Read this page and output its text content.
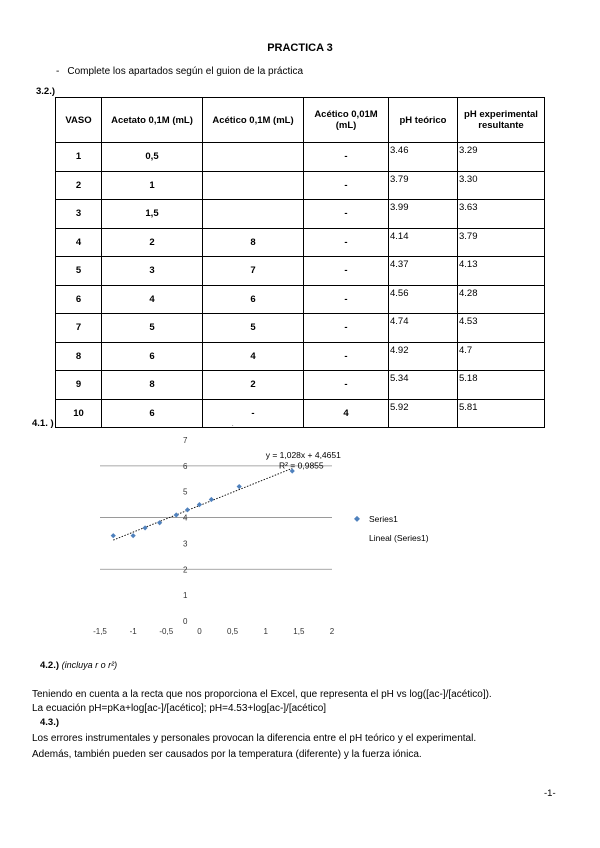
PRACTICA 3
- Complete los apartados según el guion de la práctica
3.2.)
VASO	Acetato 0,1M (mL)	Acético 0,1M (mL)	Acético 0,01M (mL)	pH teórico	pH experimental resultante
1	0,5		-	3.46	3.29
2	1		-	3.79	3.30
3	1,5		-	3.99	3.63
4	2	8	-	4.14	3.79
5	3	7	-	4.37	4.13
6	4	6	-	4.56	4.28
7	5	5	-	4.74	4.53
8	6	4	-	4.92	4.7
9	8	2	-	5.34	5.18
10	6	-	4	5.92	5.81
4.1. )
0
1
2
3
4
5
6
7
-1,5	-1	-0,5	0	0,5	1	1,5	2
ˇ
y = 1,028x + 4,4651
R² = 0,9855
Series1
Lineal (Series1)
4.2.) (incluya r o r²)
Teniendo en cuenta a la recta que nos proporciona el Excel, que representa el pH vs log([ac-]/[acético]).
La ecuación pH=pKa+log[ac-]/[acético]; pH=4.53+log[ac-]/[acético]
4.3.)
Los errores instrumentales y personales provocan la diferencia entre el pH teórico y el experimental.
Además, también pueden ser causados por la temperatura (diferente) y la fuerza iónica.
-1-
